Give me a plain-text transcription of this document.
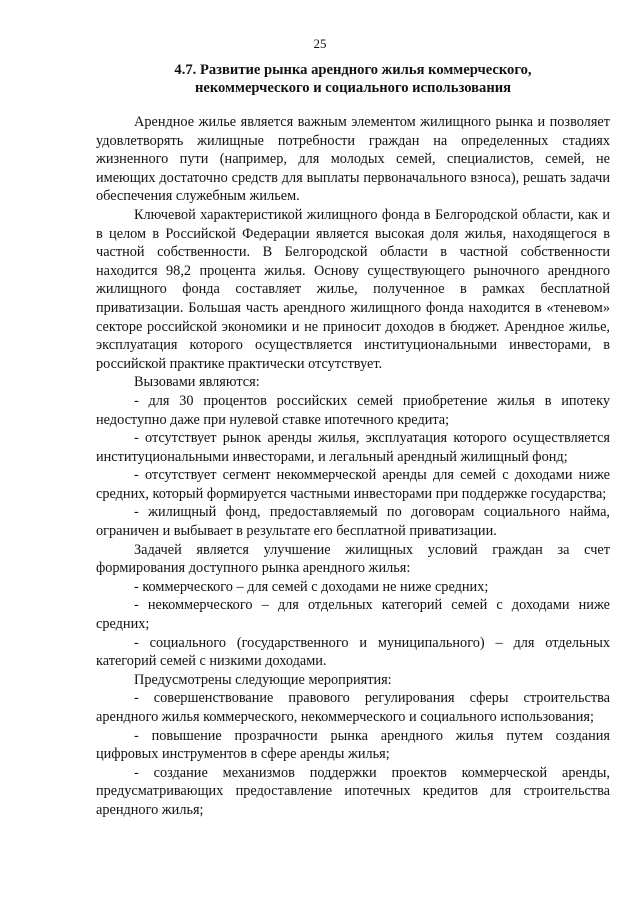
25
4.7. Развитие рынка арендного жилья коммерческого,
некоммерческого и социального использования

Арендное жилье является важным элементом жилищного рынка и позволяет удовлетворять жилищные потребности граждан на определенных стадиях жизненного пути (например, для молодых семей, специалистов, семей, не имеющих достаточно средств для выплаты первоначального взноса), решать задачи обеспечения служебным жильем.

Ключевой характеристикой жилищного фонда в Белгородской области, как и в целом в Российской Федерации является высокая доля жилья, находящегося в частной собственности. В Белгородской области в частной собственности находится 98,2 процента жилья. Основу существующего рыночного арендного жилищного фонда составляет жилье, полученное в рамках бесплатной приватизации. Большая часть арендного жилищного фонда находится в «теневом» секторе российской экономики и не приносит доходов в бюджет. Арендное жилье, эксплуатация которого осуществляется институциональными инвесторами, в российской практике практически отсутствует.

Вызовами являются:

- для 30 процентов российских семей приобретение жилья в ипотеку недоступно даже при нулевой ставке ипотечного кредита;

- отсутствует рынок аренды жилья, эксплуатация которого осуществляется институциональными инвесторами, и легальный арендный жилищный фонд;

- отсутствует сегмент некоммерческой аренды для семей с доходами ниже средних, который формируется частными инвесторами при поддержке государства;

- жилищный фонд, предоставляемый по договорам социального найма, ограничен и выбывает в результате его бесплатной приватизации.

Задачей является улучшение жилищных условий граждан за счет формирования доступного рынка арендного жилья:

- коммерческого – для семей с доходами не ниже средних;

- некоммерческого – для отдельных категорий семей с доходами ниже средних;

- социального (государственного и муниципального) – для отдельных категорий семей с низкими доходами.

Предусмотрены следующие мероприятия:

- совершенствование правового регулирования сферы строительства арендного жилья коммерческого, некоммерческого и социального использования;

- повышение прозрачности рынка арендного жилья путем создания цифровых инструментов в сфере аренды жилья;

- создание механизмов поддержки проектов коммерческой аренды, предусматривающих предоставление ипотечных кредитов для строительства арендного жилья;
